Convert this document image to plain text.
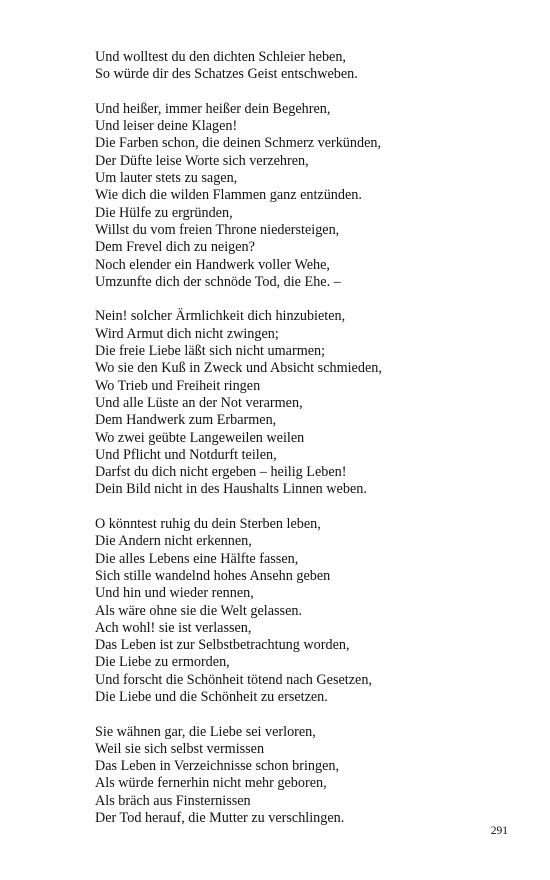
Und wolltest du den dichten Schleier heben,
So würde dir des Schatzes Geist entschweben.
Und heißer, immer heißer dein Begehren,
Und leiser deine Klagen!
Die Farben schon, die deinen Schmerz verkünden,
Der Düfte leise Worte sich verzehren,
Um lauter stets zu sagen,
Wie dich die wilden Flammen ganz entzünden.
Die Hülfe zu ergründen,
Willst du vom freien Throne niedersteigen,
Dem Frevel dich zu neigen?
Noch elender ein Handwerk voller Wehe,
Umzunfte dich der schnöde Tod, die Ehe. –
Nein! solcher Ärmlichkeit dich hinzubieten,
Wird Armut dich nicht zwingen;
Die freie Liebe läßt sich nicht umarmen;
Wo sie den Kuß in Zweck und Absicht schmieden,
Wo Trieb und Freiheit ringen
Und alle Lüste an der Not verarmen,
Dem Handwerk zum Erbarmen,
Wo zwei geübte Langeweilen weilen
Und Pflicht und Notdurft teilen,
Darfst du dich nicht ergeben – heilig Leben!
Dein Bild nicht in des Haushalts Linnen weben.
O könntest ruhig du dein Sterben leben,
Die Andern nicht erkennen,
Die alles Lebens eine Hälfte fassen,
Sich stille wandelnd hohes Ansehn geben
Und hin und wieder rennen,
Als wäre ohne sie die Welt gelassen.
Ach wohl! sie ist verlassen,
Das Leben ist zur Selbstbetrachtung worden,
Die Liebe zu ermorden,
Und forscht die Schönheit tötend nach Gesetzen,
Die Liebe und die Schönheit zu ersetzen.
Sie wähnen gar, die Liebe sei verloren,
Weil sie sich selbst vermissen
Das Leben in Verzeichnisse schon bringen,
Als würde fernerhin nicht mehr geboren,
Als bräch aus Finsternissen
Der Tod herauf, die Mutter zu verschlingen.
291
